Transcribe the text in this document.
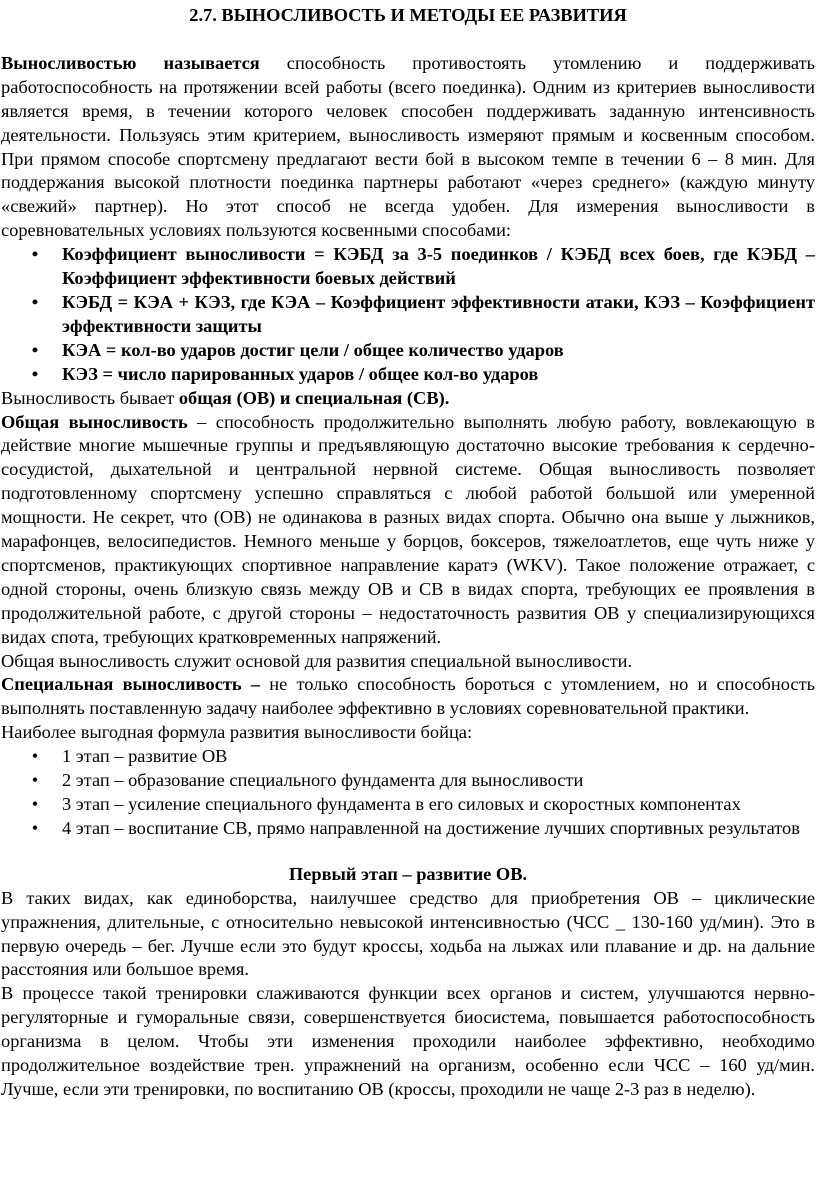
2.7. ВЫНОСЛИВОСТЬ И МЕТОДЫ ЕЕ РАЗВИТИЯ

Выносливостью называется способность противостоять утомлению и поддерживать работоспособность на протяжении всей работы (всего поединка). Одним из критериев выносливости является время, в течении которого человек способен поддерживать заданную интенсивность деятельности. Пользуясь этим критерием, выносливость измеряют прямым и косвенным способом. При прямом способе спортсмену предлагают вести бой в высоком темпе в течении 6 – 8 мин. Для поддержания высокой плотности поединка партнеры работают «через среднего» (каждую минуту «свежий» партнер). Но этот способ не всегда удобен. Для измерения выносливости в соревновательных условиях пользуются косвенными способами:

• Коэффициент выносливости = КЭБД за 3-5 поединков / КЭБД всех боев, где КЭБД – Коэффициент эффективности боевых действий
• КЭБД = КЭА + КЭЗ, где КЭА – Коэффициент эффективности атаки, КЭЗ – Коэффициент эффективности защиты
• КЭА = кол-во ударов достиг цели / общее количество ударов
• КЭЗ = число парированных ударов / общее кол-во ударов

Выносливость бывает общая (ОВ) и специальная (СВ).

Общая выносливость – способность продолжительно выполнять любую работу, вовлекающую в действие многие мышечные группы и предъявляющую достаточно высокие требования к сердечно-сосудистой, дыхательной и центральной нервной системе. Общая выносливость позволяет подготовленному спортсмену успешно справляться с любой работой большой или умеренной мощности. Не секрет, что (ОВ) не одинакова в разных видах спорта. Обычно она выше у лыжников, марафонцев, велосипедистов. Немного меньше у борцов, боксеров, тяжелоатлетов, еще чуть ниже у спортсменов, практикующих спортивное направление каратэ (WKV). Такое положение отражает, с одной стороны, очень близкую связь между ОВ и СВ в видах спорта, требующих ее проявления в продолжительной работе, с другой стороны – недостаточность развития ОВ у специализирующихся видах спота, требующих кратковременных напряжений.

Общая выносливость служит основой для развития специальной выносливости.

Специальная выносливость – не только способность бороться с утомлением, но и способность выполнять поставленную задачу наиболее эффективно в условиях соревновательной практики.

Наиболее выгодная формула развития выносливости бойца:

• 1 этап – развитие ОВ
• 2 этап – образование специального фундамента для выносливости
• 3 этап – усиление специального фундамента в его силовых и скоростных компонентах
• 4 этап – воспитание СВ, прямо направленной на достижение лучших спортивных результатов
Первый этап – развитие ОВ.

В таких видах, как единоборства, наилучшее средство для приобретения ОВ – циклические упражнения, длительные, с относительно невысокой интенсивностью (ЧСС _ 130-160 уд/мин). Это в первую очередь – бег. Лучше если это будут кроссы, ходьба на лыжах или плавание и др. на дальние расстояния или большое время.

В процессе такой тренировки слаживаются функции всех органов и систем, улучшаются нервно- регуляторные и гуморальные связи, совершенствуется биосистема, повышается работоспособность организма в целом. Чтобы эти изменения проходили наиболее эффективно, необходимо продолжительное воздействие трен. упражнений на организм, особенно если ЧСС – 160 уд/мин. Лучше, если эти тренировки, по воспитанию ОВ (кроссы, проходили не чаще 2-3 раз в неделю).
